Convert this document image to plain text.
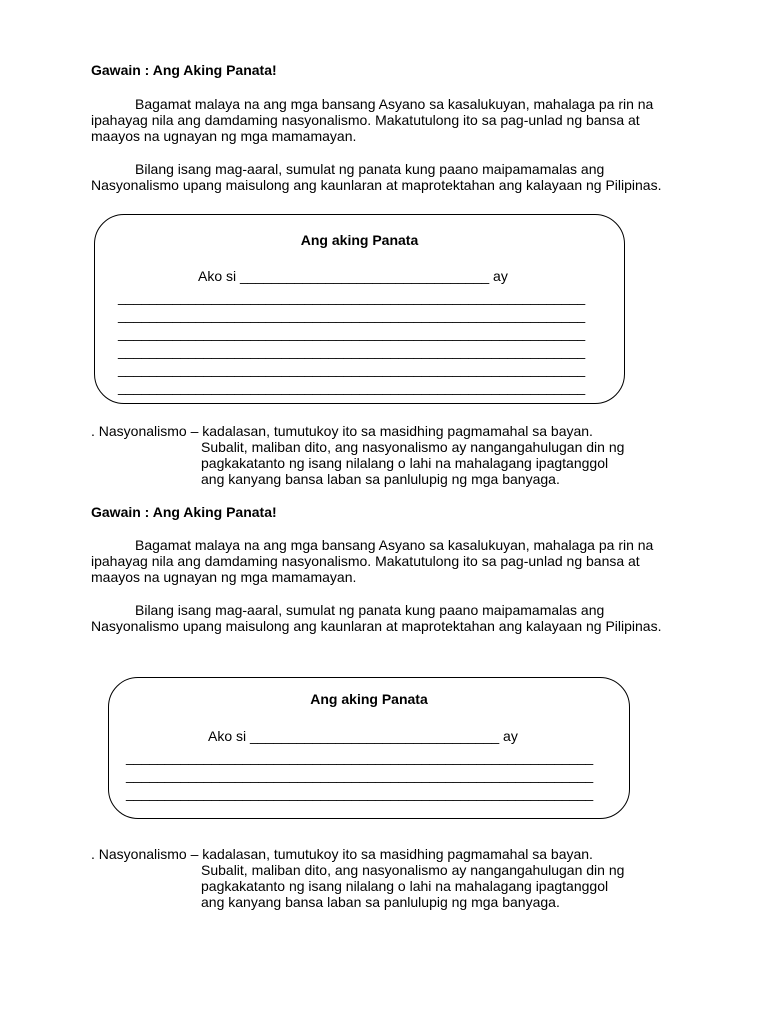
Gawain : Ang Aking Panata!
Bagamat malaya na ang mga bansang Asyano sa kasalukuyan, mahalaga pa rin na
ipahayag nila ang damdaming nasyonalismo. Makatutulong ito sa pag-unlad ng bansa at
maayos na ugnayan ng mga mamamayan.
Bilang isang mag-aaral, sumulat ng panata kung paano maipamamalas ang
Nasyonalismo upang maisulong ang kaunlaran at maprotektahan ang kalayaan ng Pilipinas.
Ang aking Panata
Ako si ________________________________ ay
____________________________________________________________
____________________________________________________________
____________________________________________________________
____________________________________________________________
____________________________________________________________
____________________________________________________________
. Nasyonalismo – kadalasan, tumutukoy ito sa masidhing pagmamahal sa bayan.
Subalit, maliban dito, ang nasyonalismo ay nangangahulugan din ng
pagkakatanto ng isang nilalang o lahi na mahalagang ipagtanggol
ang kanyang bansa laban sa panlulupig ng mga banyaga.
Gawain : Ang Aking Panata!
Bagamat malaya na ang mga bansang Asyano sa kasalukuyan, mahalaga pa rin na
ipahayag nila ang damdaming nasyonalismo. Makatutulong ito sa pag-unlad ng bansa at
maayos na ugnayan ng mga mamamayan.
Bilang isang mag-aaral, sumulat ng panata kung paano maipamamalas ang
Nasyonalismo upang maisulong ang kaunlaran at maprotektahan ang kalayaan ng Pilipinas.
Ang aking Panata
Ako si ________________________________ ay
____________________________________________________________
____________________________________________________________
____________________________________________________________
. Nasyonalismo – kadalasan, tumutukoy ito sa masidhing pagmamahal sa bayan.
Subalit, maliban dito, ang nasyonalismo ay nangangahulugan din ng
pagkakatanto ng isang nilalang o lahi na mahalagang ipagtanggol
ang kanyang bansa laban sa panlulupig ng mga banyaga.
